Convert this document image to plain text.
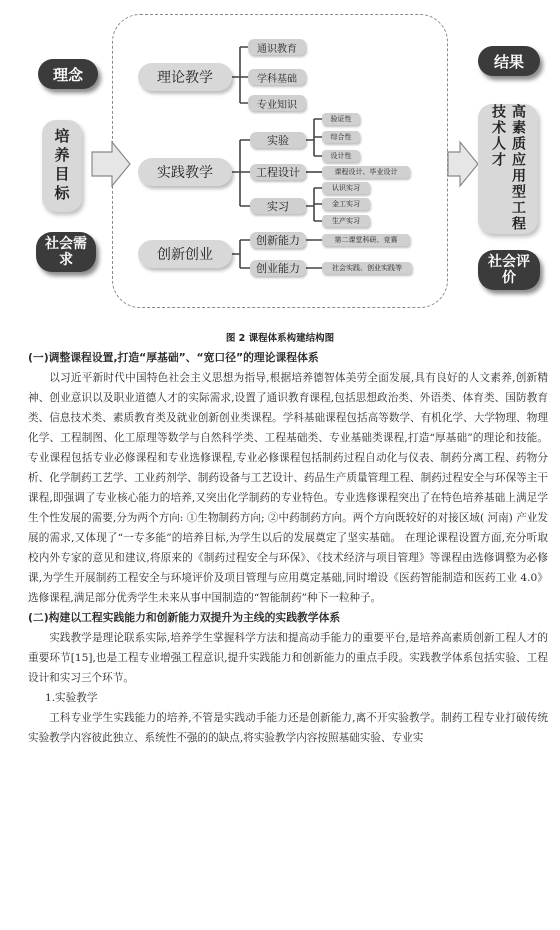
理念
培养目标
社会需求
结果
高素质应用型工程技术人才
社会评价
理论教学
实践教学
创新创业
通识教育
学科基础
专业知识
实验
工程设计
实习
验证性
综合性
设计性
课程设计、毕业设计
认识实习
金工实习
生产实习
创新能力
创业能力
第二课堂科研、竞赛
社会实践、创业实践等
图 2 课程体系构建结构图

(一)调整课程设置,打造“厚基础”、“宽口径”的理论课程体系

以习近平新时代中国特色社会主义思想为指导,根据培养德智体美劳全面发展,具有良好的人文素养,创新精神、创业意识以及职业道德人才的实际需求,设置了通识教育课程,包括思想政治类、外语类、体育类、国防教育类、信息技术类、素质教育类及就业创新创业类课程。学科基础课程包括高等数学、有机化学、大学物理、物理化学、工程制图、化工原理等数学与自然科学类、工程基础类、专业基础类课程,打造“厚基础”的理论和技能。专业课程包括专业必修课程和专业选修课程,专业必修课程包括制药过程自动化与仪表、制药分离工程、药物分析、化学制药工艺学、工业药剂学、制药设备与工艺设计、药品生产质量管理工程、制药过程安全与环保等主干课程,即强调了专业核心能力的培养,又突出化学制药的专业特色。专业选修课程突出了在特色培养基础上满足学生个性发展的需要,分为两个方向: ①生物制药方向; ②中药制药方向。两个方向既较好的对接区域( 河南) 产业发展的需求,又体现了“一专多能”的培养目标,为学生以后的发展奠定了坚实基础。 在理论课程设置方面,充分听取校内外专家的意见和建议,将原来的《制药过程安全与环保》、《技术经济与项目管理》等课程由选修调整为必修课,为学生开展制药工程安全与环境评价及项目管理与应用奠定基础,同时增设《医药智能制造和医药工业 4.0》选修课程,满足部分优秀学生未来从事中国制造的“智能制药”种下一粒种子。

(二)构建以工程实践能力和创新能力双提升为主线的实践教学体系

实践教学是理论联系实际,培养学生掌握科学方法和提高动手能力的重要平台,是培养高素质创新工程人才的重要环节[15],也是工程专业增强工程意识,提升实践能力和创新能力的重点手段。实践教学体系包括实验、工程设计和实习三个环节。

1.实验教学

工科专业学生实践能力的培养,不管是实践动手能力还是创新能力,离不开实验教学。制药工程专业打破传统实验教学内容彼此独立、系统性不强的的缺点,将实验教学内容按照基础实验、专业实
